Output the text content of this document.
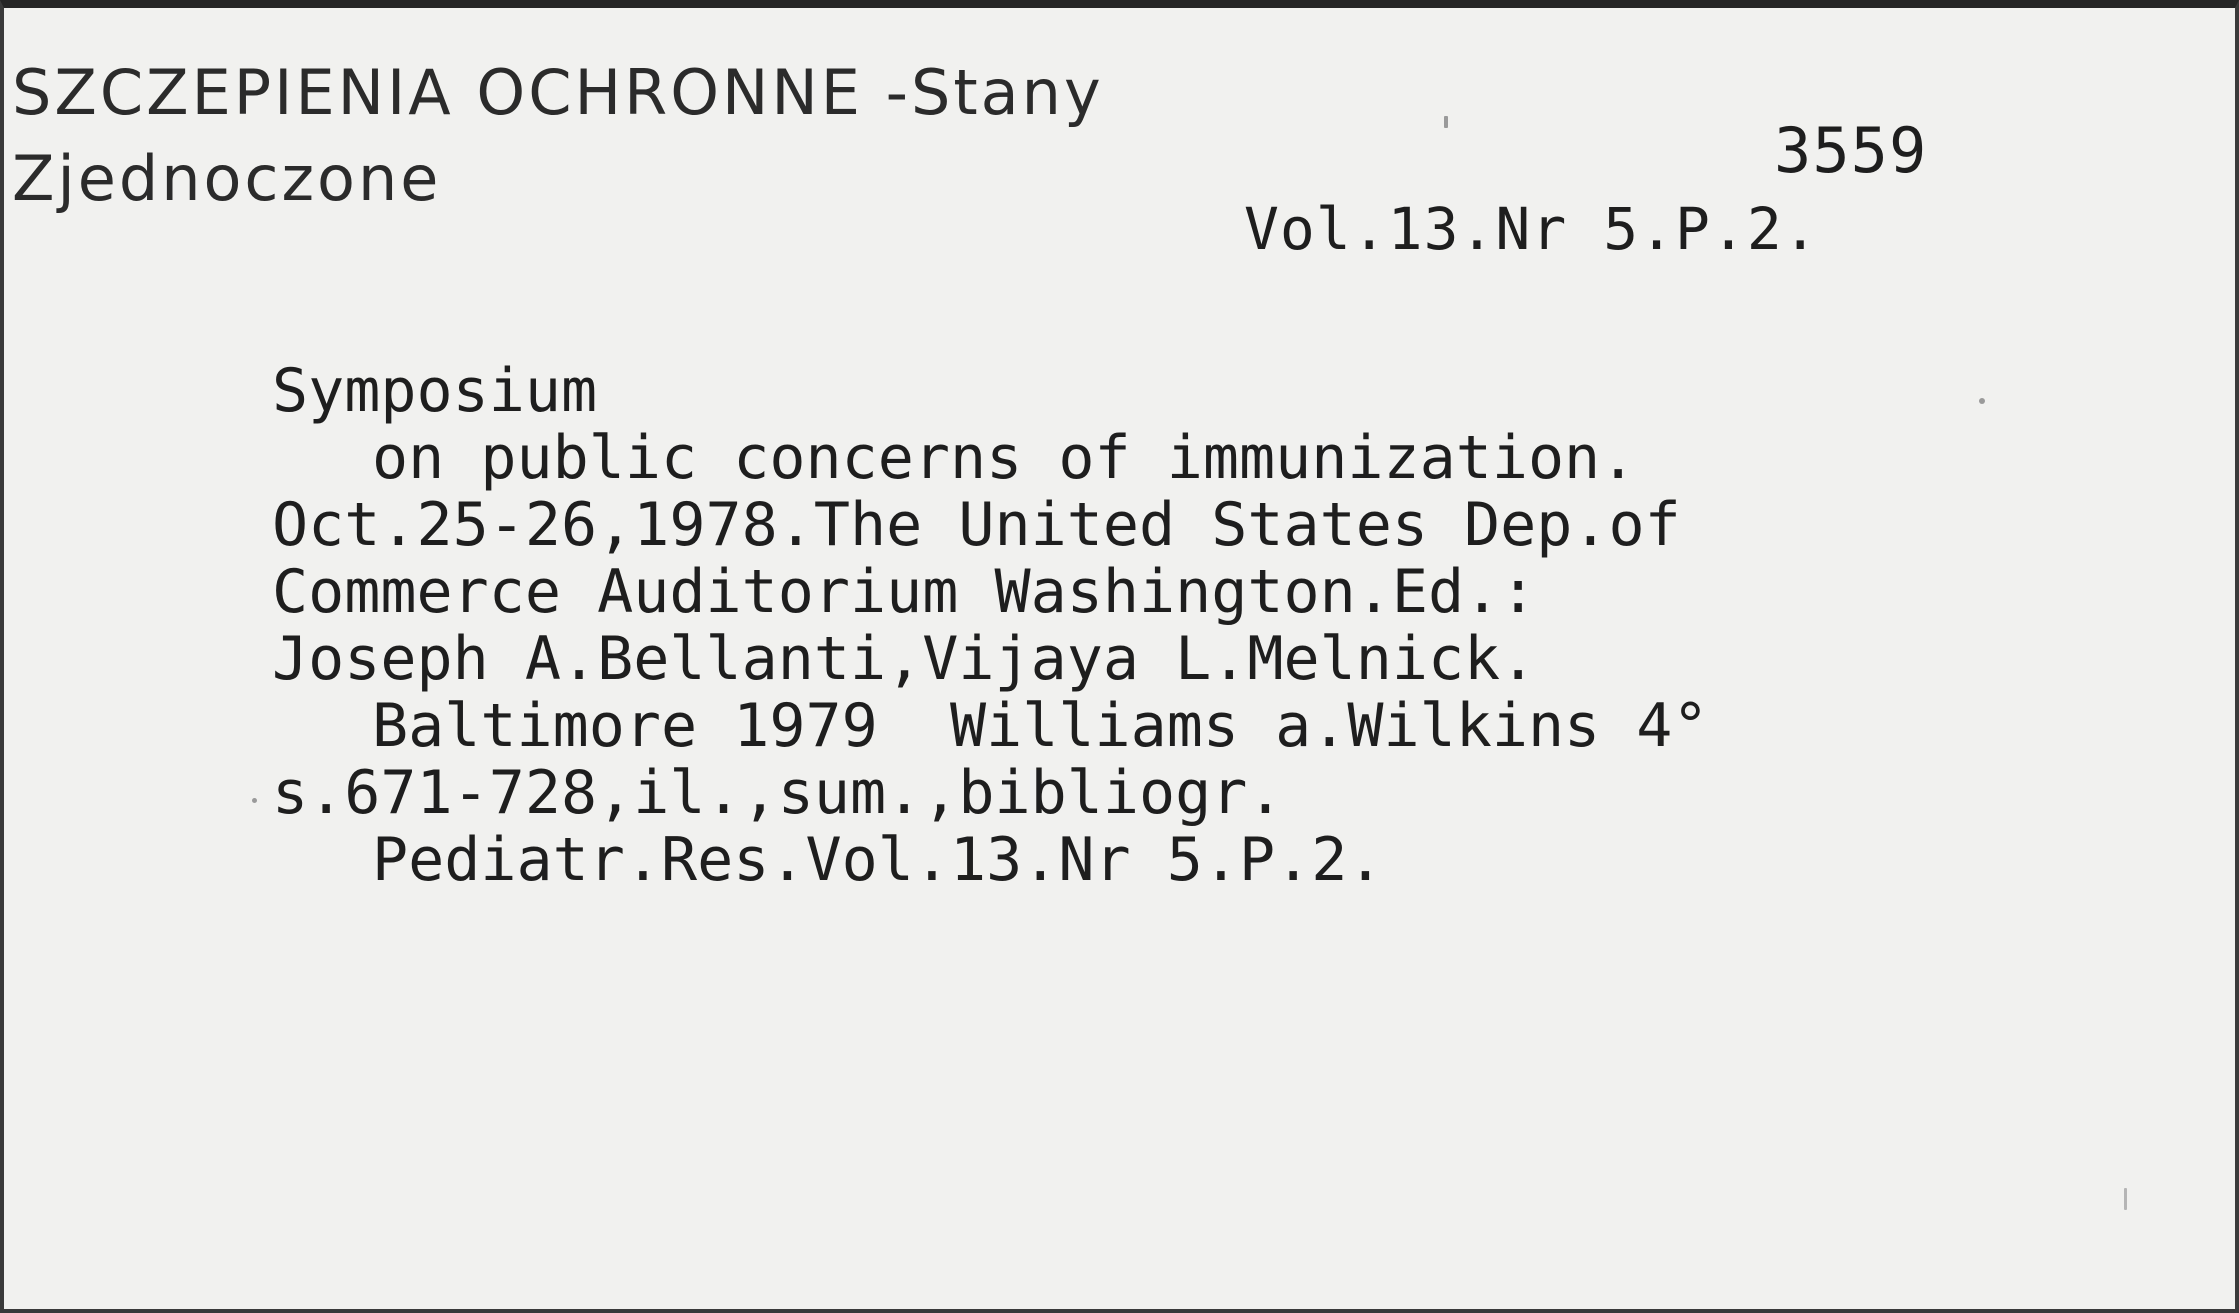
SZCZEPIENIA OCHRONNE -Stany
Zjednoczone	3559
Vol.13.Nr 5.P.2.
Symposium
on public concerns of immunization.
Oct.25-26,1978.The United States Dep.of
Commerce Auditorium Washington.Ed.:
Joseph A.Bellanti,Vijaya L.Melnick.
Baltimore 1979  Williams a.Wilkins 4°
s.671-728,il.,sum.,bibliogr.
Pediatr.Res.Vol.13.Nr 5.P.2.
